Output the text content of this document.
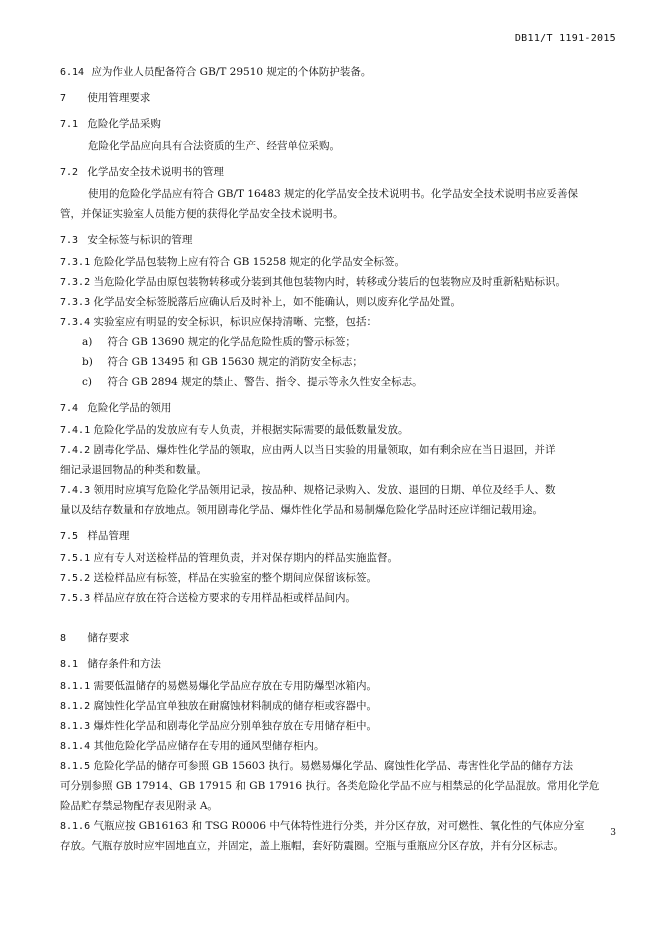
DB11/T 1191-2015
6.14 应为作业人员配备符合 GB/T 29510 规定的个体防护装备。
7 使用管理要求
7.1 危险化学品采购
危险化学品应向具有合法资质的生产、经营单位采购。
7.2 化学品安全技术说明书的管理
使用的危险化学品应有符合 GB/T 16483 规定的化学品安全技术说明书。化学品安全技术说明书应妥善保
管，并保证实验室人员能方便的获得化学品安全技术说明书。
7.3 安全标签与标识的管理
7.3.1 危险化学品包装物上应有符合 GB 15258 规定的化学品安全标签。
7.3.2 当危险化学品由原包装物转移或分装到其他包装物内时，转移或分装后的包装物应及时重新粘贴标识。
7.3.3 化学品安全标签脱落后应确认后及时补上，如不能确认，则以废弃化学品处置。
7.3.4 实验室应有明显的安全标识，标识应保持清晰、完整，包括：
a) 符合 GB 13690 规定的化学品危险性质的警示标签；
b) 符合 GB 13495 和 GB 15630 规定的消防安全标志；
c) 符合 GB 2894 规定的禁止、警告、指令、提示等永久性安全标志。
7.4 危险化学品的领用
7.4.1 危险化学品的发放应有专人负责，并根据实际需要的最低数量发放。
7.4.2 剧毒化学品、爆炸性化学品的领取，应由两人以当日实验的用量领取，如有剩余应在当日退回，并详
细记录退回物品的种类和数量。
7.4.3 领用时应填写危险化学品领用记录，按品种、规格记录购入、发放、退回的日期、单位及经手人、数
量以及结存数量和存放地点。领用剧毒化学品、爆炸性化学品和易制爆危险化学品时还应详细记载用途。
7.5 样品管理
7.5.1 应有专人对送检样品的管理负责，并对保存期内的样品实施监督。
7.5.2 送检样品应有标签，样品在实验室的整个期间应保留该标签。
7.5.3 样品应存放在符合送检方要求的专用样品柜或样品间内。
8 储存要求
8.1 储存条件和方法
8.1.1 需要低温储存的易燃易爆化学品应存放在专用防爆型冰箱内。
8.1.2 腐蚀性化学品宜单独放在耐腐蚀材料制成的储存柜或容器中。
8.1.3 爆炸性化学品和剧毒化学品应分别单独存放在专用储存柜中。
8.1.4 其他危险化学品应储存在专用的通风型储存柜内。
8.1.5 危险化学品的储存可参照 GB 15603 执行。易燃易爆化学品、腐蚀性化学品、毒害性化学品的储存方法
可分别参照 GB 17914、GB 17915 和 GB 17916 执行。各类危险化学品不应与相禁忌的化学品混放。常用化学危
险品贮存禁忌物配存表见附录 A。
8.1.6 气瓶应按 GB16163 和 TSG R0006 中气体特性进行分类，并分区存放，对可燃性、氧化性的气体应分室
存放。气瓶存放时应牢固地直立，并固定，盖上瓶帽，套好防震圈。空瓶与重瓶应分区存放，并有分区标志。
3
